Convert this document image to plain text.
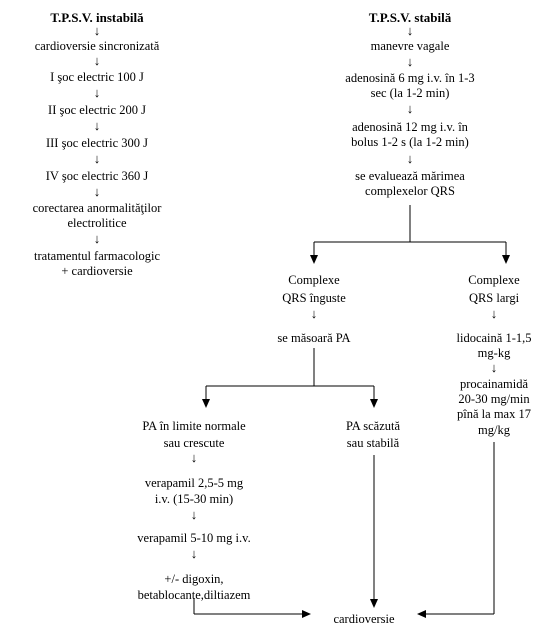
T.P.S.V. instabilă
↓
cardioversie sincronizată
↓
I şoc electric 100 J
↓
II şoc electric 200 J
↓
III şoc electric 300 J
↓
IV şoc electric 360 J
↓
corectarea anormalităţilor
electrolitice
↓
tratamentul farmacologic
+ cardioversie
T.P.S.V. stabilă
↓
manevre vagale
↓
adenosină 6 mg i.v. în 1-3
sec (la 1-2 min)
↓
adenosină 12 mg i.v. în
bolus 1-2 s (la 1-2 min)
↓
se evaluează mărimea
complexelor QRS
Complexe
QRS înguste
↓
se măsoară PA
Complexe
QRS largi
↓
lidocaină 1-1,5
mg-kg
↓
procainamidă
20-30 mg/min
pînă la max 17
mg/kg
PA în limite normale
sau crescute
↓
verapamil 2,5-5 mg
i.v. (15-30 min)
↓
verapamil 5-10 mg i.v.
↓
+/- digoxin,
betablocante,diltiazem
PA scăzută
sau stabilă
cardioversie
